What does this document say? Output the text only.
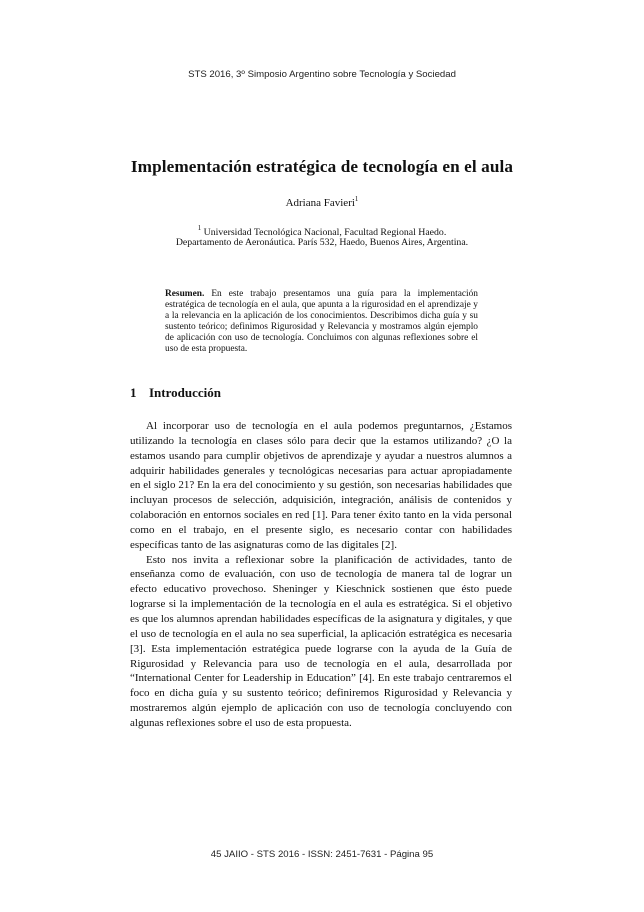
STS 2016, 3º Simposio Argentino sobre Tecnología y Sociedad
Implementación estratégica de tecnología en el aula
Adriana Favieri$^1$
$^1$ Universidad Tecnológica Nacional, Facultad Regional Haedo.
Departamento de Aeronáutica. París 532, Haedo, Buenos Aires, Argentina.
Resumen. En este trabajo presentamos una guía para la implementación estratégica de tecnología en el aula, que apunta a la rigurosidad en el aprendizaje y a la relevancia en la aplicación de los conocimientos. Describimos dicha guía y su sustento teórico; definimos Rigurosidad y Relevancia y mostramos algún ejemplo de aplicación con uso de tecnología. Concluimos con algunas reflexiones sobre el uso de esta propuesta.
1 Introducción

Al incorporar uso de tecnología en el aula podemos preguntarnos, ¿Estamos utilizando la tecnología en clases sólo para decir que la estamos utilizando? ¿O la estamos usando para cumplir objetivos de aprendizaje y ayudar a nuestros alumnos a adquirir habilidades generales y tecnológicas necesarias para actuar apropiadamente en el siglo 21? En la era del conocimiento y su gestión, son necesarias habilidades que incluyan procesos de selección, adquisición, integración, análisis de contenidos y colaboración en entornos sociales en red [1]. Para tener éxito tanto en la vida personal como en el trabajo, en el presente siglo, es necesario contar con habilidades específicas tanto de las asignaturas como de las digitales [2].

Esto nos invita a reflexionar sobre la planificación de actividades, tanto de enseñanza como de evaluación, con uso de tecnología de manera tal de lograr un efecto educativo provechoso. Sheninger y Kieschnick sostienen que ésto puede lograrse si la implementación de la tecnología en el aula es estratégica. Si el objetivo es que los alumnos aprendan habilidades específicas de la asignatura y digitales, y que el uso de tecnología en el aula no sea superficial, la aplicación estratégica es necesaria [3]. Esta implementación estratégica puede lograrse con la ayuda de la Guía de Rigurosidad y Relevancia para uso de tecnología en el aula, desarrollada por “International Center for Leadership in Education” [4]. En este trabajo centraremos el foco en dicha guía y su sustento teórico; definiremos Rigurosidad y Relevancia y mostraremos algún ejemplo de aplicación con uso de tecnología concluyendo con algunas reflexiones sobre el uso de esta propuesta.

45 JAIIO - STS 2016 - ISSN: 2451-7631 - Página 95
